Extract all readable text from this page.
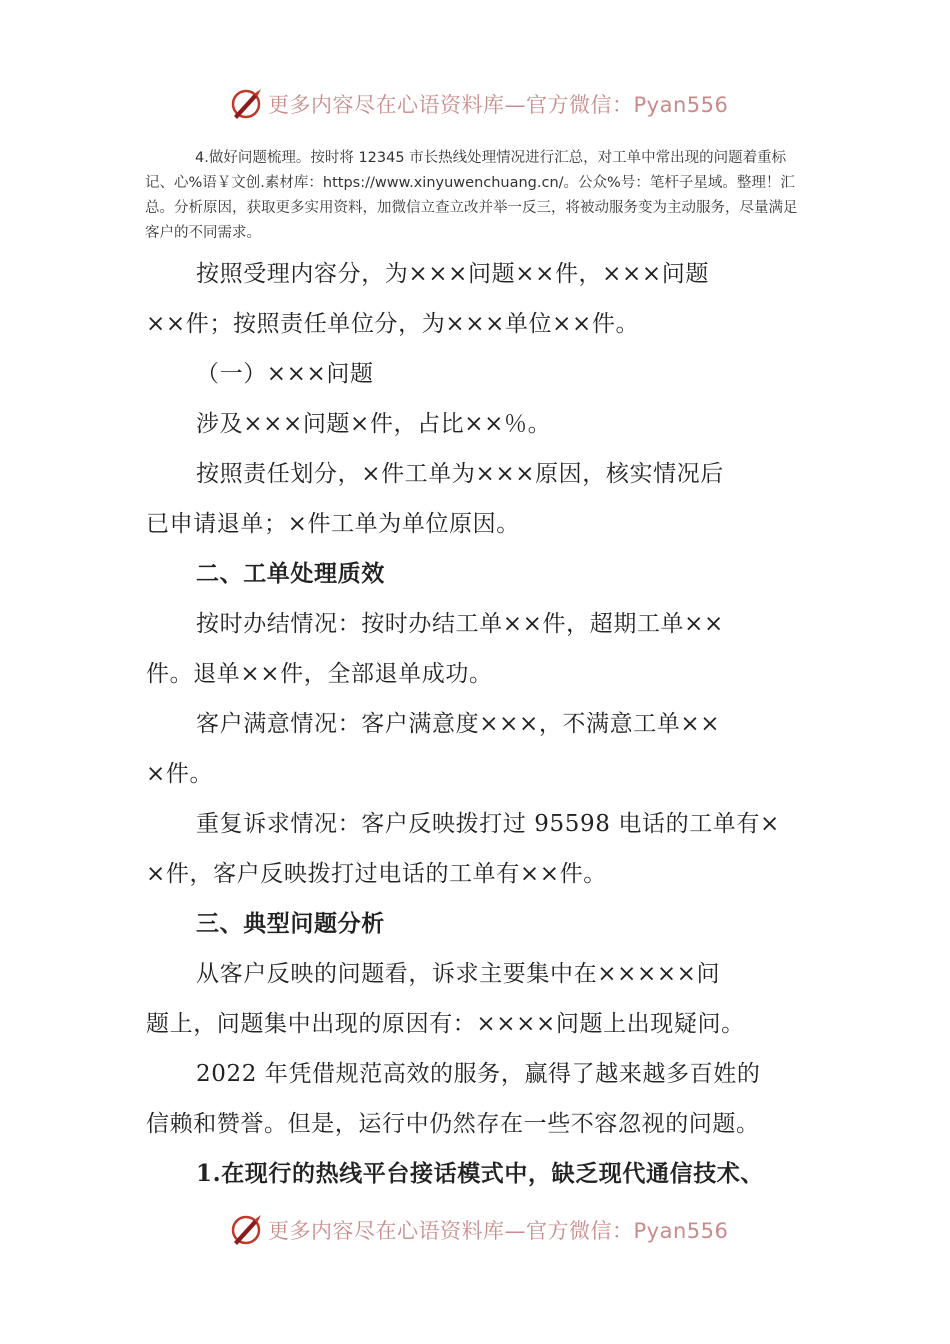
更多内容尽在心语资料库—官方微信：Pyan556
4.做好问题梳理。按时将 12345 市长热线处理情况进行汇总，对工单中常出现的问题着重标记、心%语￥文创.素材库：https://www.xinyuwenchuang.cn/。公众%号：笔杆子星域。整理！汇总。分析原因，获取更多实用资料，加微信立查立改并举一反三，将被动服务变为主动服务，尽量满足客户的不同需求。
按照受理内容分，为×××问题××件，×××问题
××件；按照责任单位分，为×××单位××件。
（一）×××问题
涉及×××问题×件，占比××％。
按照责任划分，×件工单为×××原因，核实情况后
已申请退单；×件工单为单位原因。
二、工单处理质效
按时办结情况：按时办结工单××件，超期工单××
件。退单××件，全部退单成功。
客户满意情况：客户满意度×××，不满意工单××
×件。
重复诉求情况：客户反映拨打过 95598 电话的工单有×
×件，客户反映拨打过电话的工单有××件。
三、典型问题分析
从客户反映的问题看，诉求主要集中在×××××问
题上，问题集中出现的原因有：××××问题上出现疑问。
2022 年凭借规范高效的服务，赢得了越来越多百姓的
信赖和赞誉。但是，运行中仍然存在一些不容忽视的问题。
1.在现行的热线平台接话模式中，缺乏现代通信技术、
更多内容尽在心语资料库—官方微信：Pyan556
